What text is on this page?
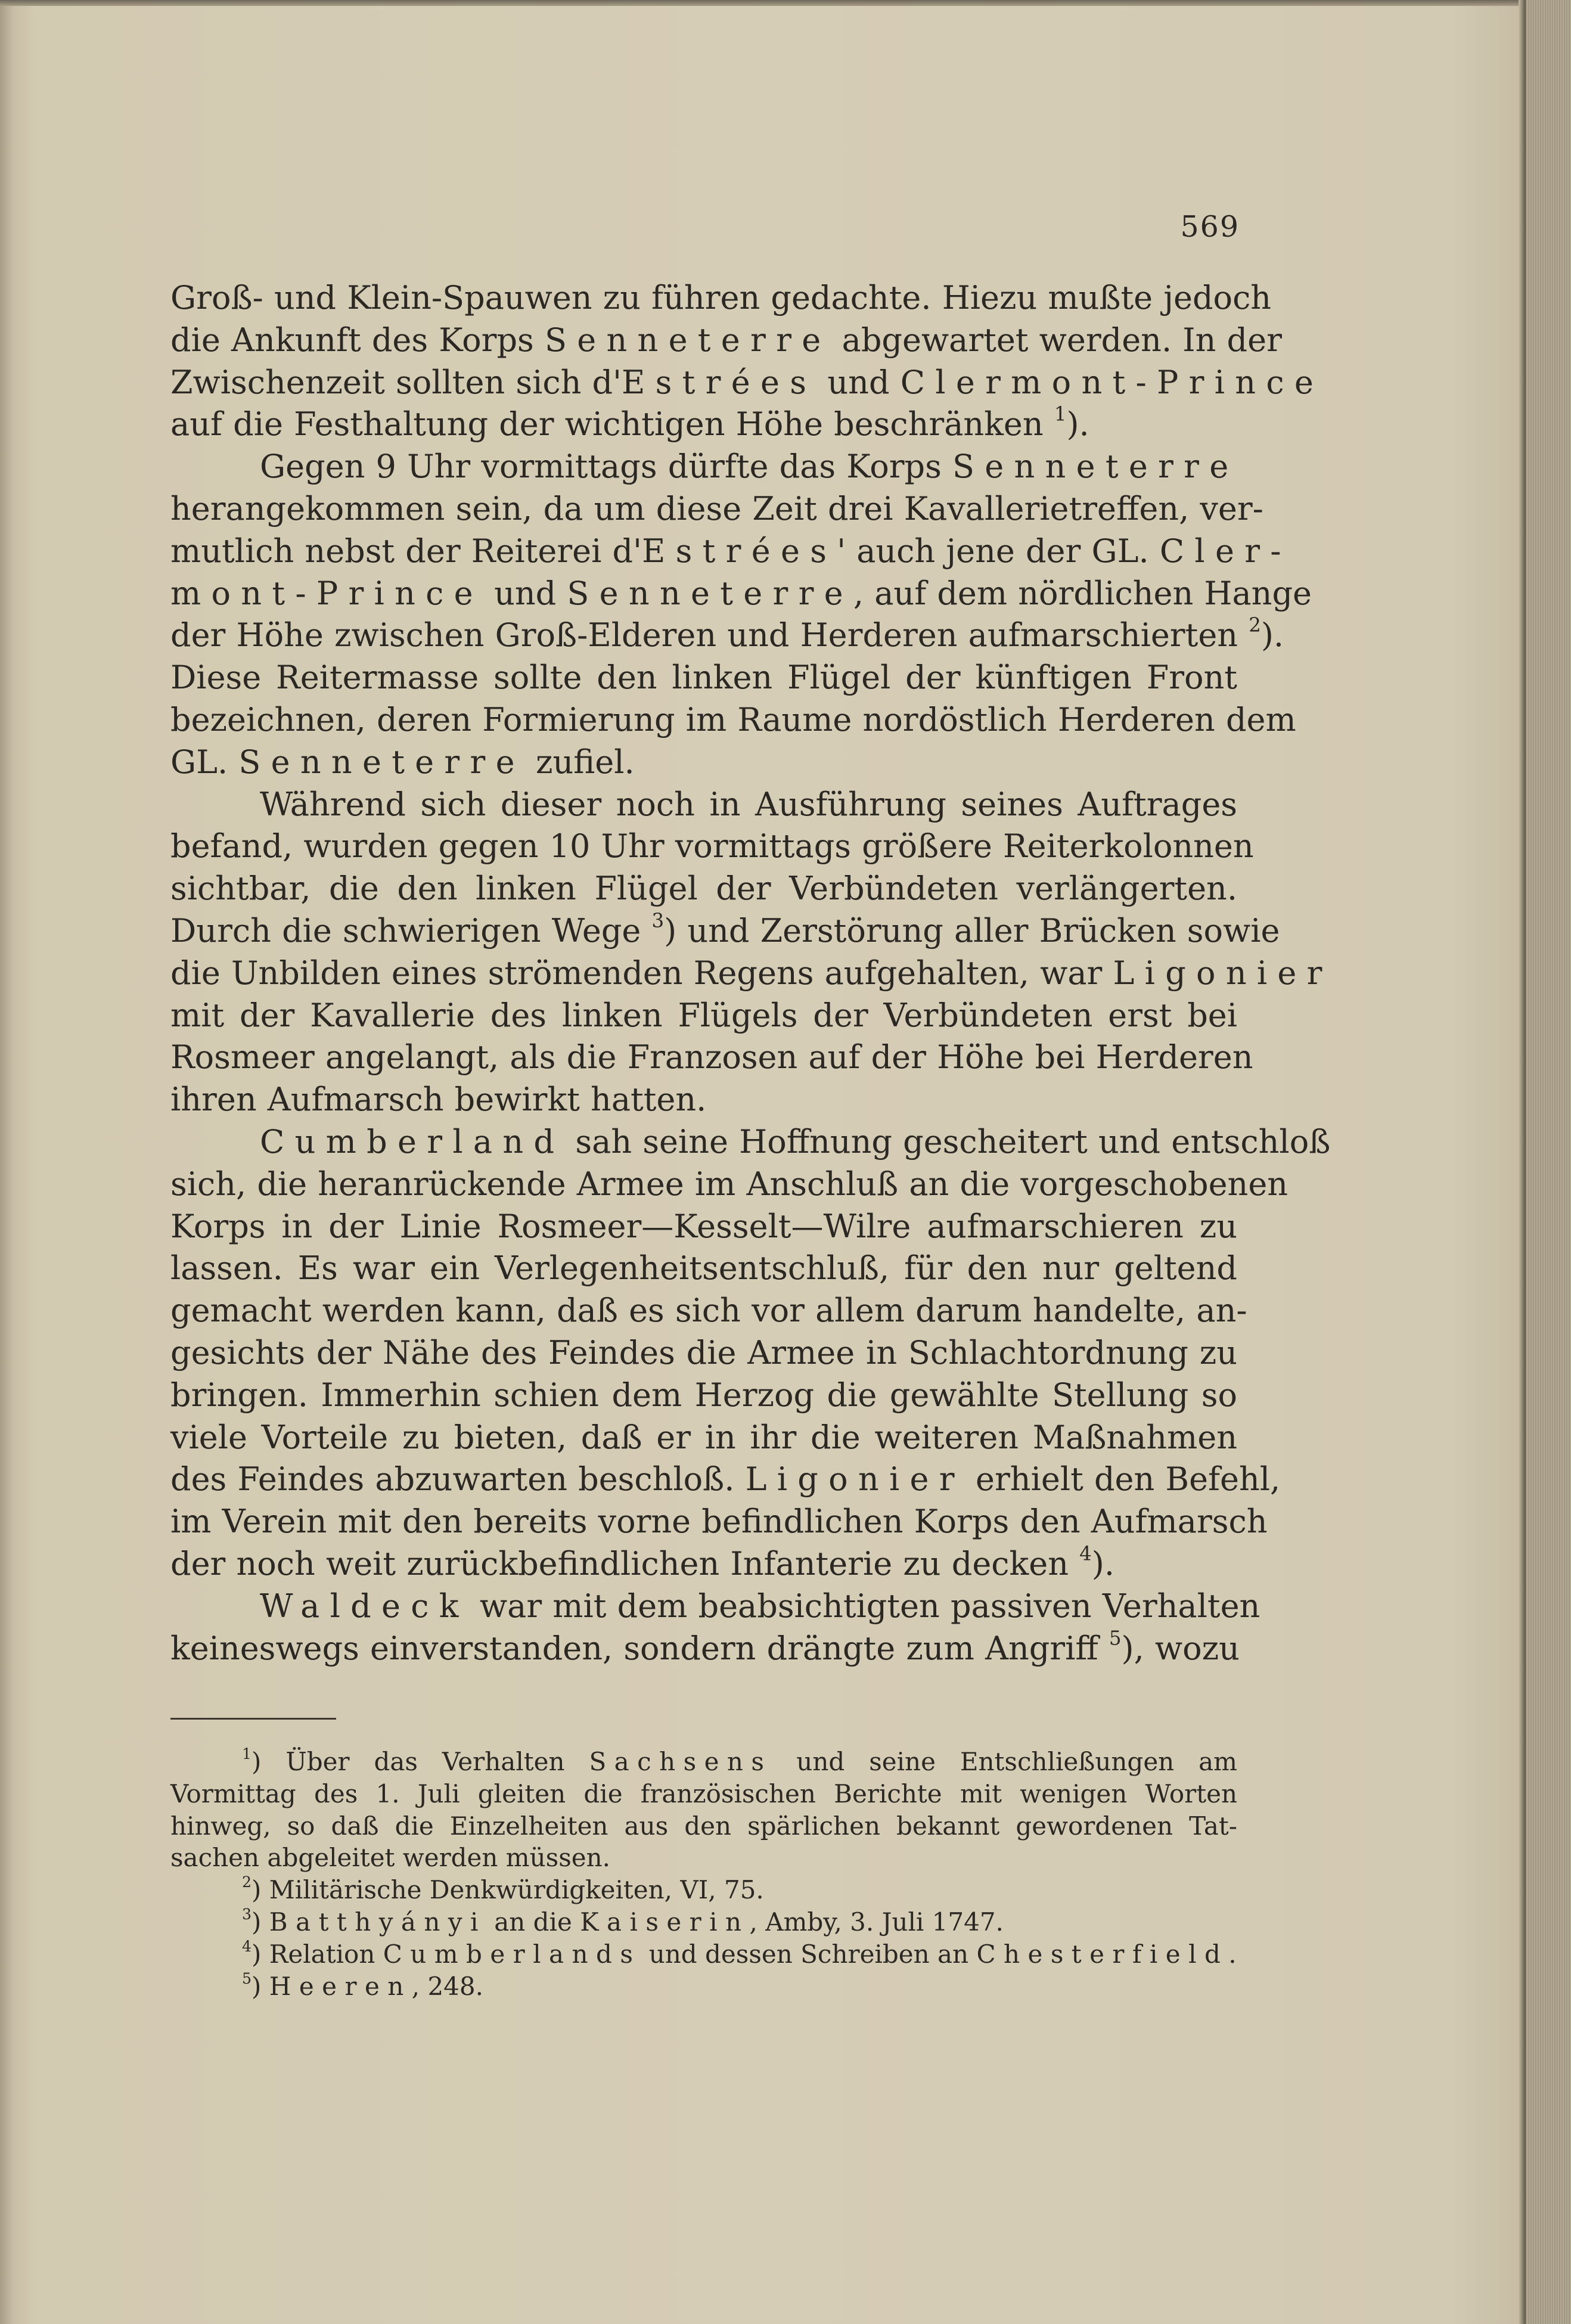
569
Groß- und Klein-Spauwen zu führen gedachte. Hiezu mußte jedoch
die Ankunft des Korps Senneterre abgewartet werden. In der
Zwischenzeit sollten sich d'Estrées und Clermont-Prince
auf die Festhaltung der wichtigen Höhe beschränken $^1$).
Gegen 9 Uhr vormittags dürfte das Korps Senneterre
herangekommen sein, da um diese Zeit drei Kavallerietreffen, ver-
mutlich nebst der Reiterei d'Estrées' auch jene der GL. Cler-
mont-Prince und Senneterre, auf dem nördlichen Hange
der Höhe zwischen Groß-Elderen und Herderen aufmarschierten $^2$).
Diese Reitermasse sollte den linken Flügel der künftigen Front
bezeichnen, deren Formierung im Raume nordöstlich Herderen dem
GL. Senneterre zufiel.
Während sich dieser noch in Ausführung seines Auftrages
befand, wurden gegen 10 Uhr vormittags größere Reiterkolonnen
sichtbar, die den linken Flügel der Verbündeten verlängerten.
Durch die schwierigen Wege $^3$) und Zerstörung aller Brücken sowie
die Unbilden eines strömenden Regens aufgehalten, war Ligonier
mit der Kavallerie des linken Flügels der Verbündeten erst bei
Rosmeer angelangt, als die Franzosen auf der Höhe bei Herderen
ihren Aufmarsch bewirkt hatten.
Cumberland sah seine Hoffnung gescheitert und entschloß
sich, die heranrückende Armee im Anschluß an die vorgeschobenen
Korps in der Linie Rosmeer—Kesselt—Wilre aufmarschieren zu
lassen. Es war ein Verlegenheitsentschluß, für den nur geltend
gemacht werden kann, daß es sich vor allem darum handelte, an-
gesichts der Nähe des Feindes die Armee in Schlachtordnung zu
bringen. Immerhin schien dem Herzog die gewählte Stellung so
viele Vorteile zu bieten, daß er in ihr die weiteren Maßnahmen
des Feindes abzuwarten beschloß. Ligonier erhielt den Befehl,
im Verein mit den bereits vorne befindlichen Korps den Aufmarsch
der noch weit zurückbefindlichen Infanterie zu decken $^4$).
Waldeck war mit dem beabsichtigten passiven Verhalten
keineswegs einverstanden, sondern drängte zum Angriff $^5$), wozu
$^1$) Über das Verhalten Sachsens und seine Entschließungen am
Vormittag des 1. Juli gleiten die französischen Berichte mit wenigen Worten
hinweg, so daß die Einzelheiten aus den spärlichen bekannt gewordenen Tat-
sachen abgeleitet werden müssen.
$^2$) Militärische Denkwürdigkeiten, VI, 75.
$^3$) Batthyányi an die Kaiserin, Amby, 3. Juli 1747.
$^4$) Relation Cumberlands und dessen Schreiben an Chesterfield.
$^5$) Heeren, 248.
